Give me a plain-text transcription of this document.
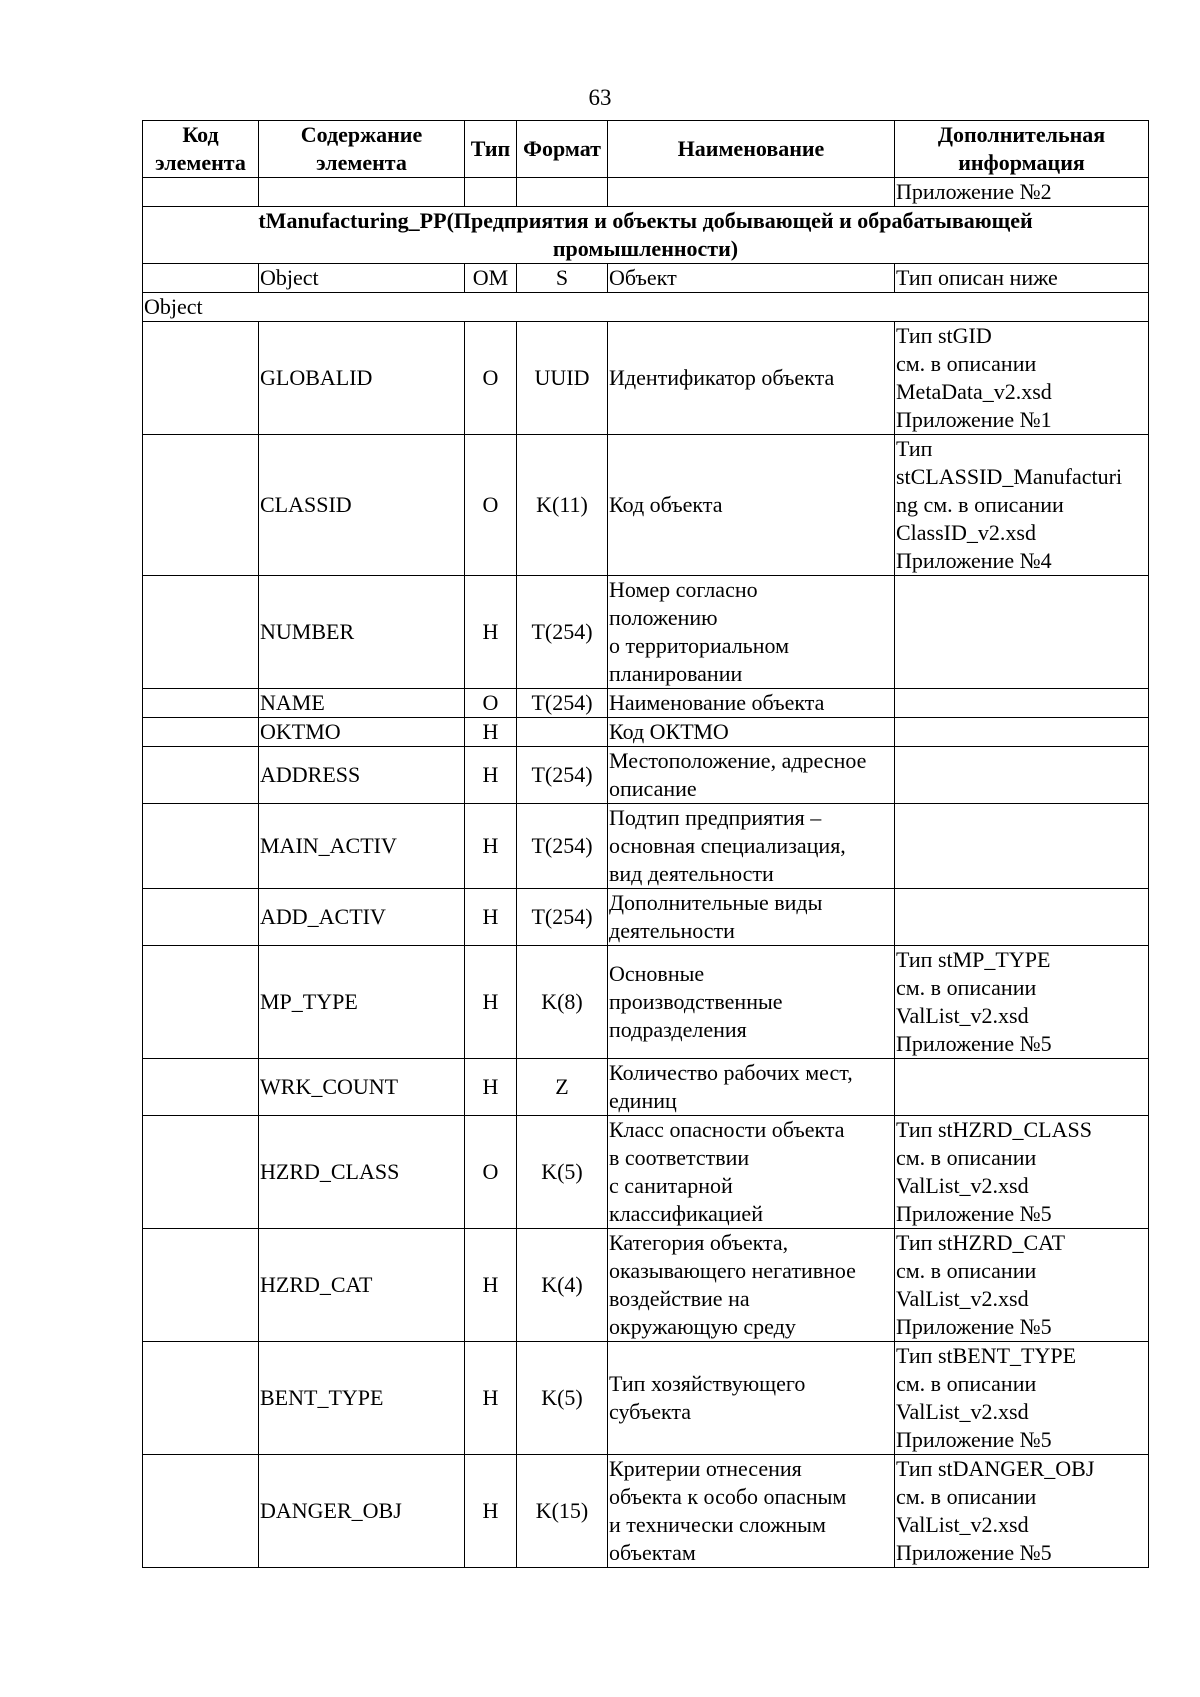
63
Код
элемента	Содержание
элемента	Тип	Формат	Наименование	Дополнительная
информация
					Приложение №2
tManufacturing_PP(Предприятия и объекты добывающей и обрабатывающей
промышленности)					
	Object	ОМ	S	Объект	Тип описан ниже
Object					
	GLOBALID	О	UUID	Идентификатор объекта	Тип stGID
см. в описании
MetaData_v2.xsd
Приложение №1
	CLASSID	О	K(11)	Код объекта	Тип
stCLASSID_Manufacturi
ng см. в описании
ClassID_v2.xsd
Приложение №4
	NUMBER	Н	T(254)	Номер согласно
положению
о территориальном
планировании	
	NAME	О	T(254)	Наименование объекта	
	OKTMO	Н		Код ОКТМО	
	ADDRESS	Н	T(254)	Местоположение, адресное
описание	
	MAIN_ACTIV	Н	T(254)	Подтип предприятия –
основная специализация,
вид деятельности	
	ADD_ACTIV	Н	T(254)	Дополнительные виды
деятельности	
	MP_TYPE	Н	K(8)	Основные
производственные
подразделения	Тип stMP_TYPE
см. в описании
ValList_v2.xsd
Приложение №5
	WRK_COUNT	Н	Z	Количество рабочих мест,
единиц	
	HZRD_CLASS	О	K(5)	Класс опасности объекта
в соответствии
с санитарной
классификацией	Тип stHZRD_CLASS
см. в описании
ValList_v2.xsd
Приложение №5
	HZRD_CAT	Н	K(4)	Категория объекта,
оказывающего негативное
воздействие на
окружающую среду	Тип stHZRD_CAT
см. в описании
ValList_v2.xsd
Приложение №5
	BENT_TYPE	Н	K(5)	Тип хозяйствующего
субъекта	Тип stBENT_TYPE
см. в описании
ValList_v2.xsd
Приложение №5
	DANGER_OBJ	Н	K(15)	Критерии отнесения
объекта к особо опасным
и технически сложным
объектам	Тип stDANGER_OBJ
см. в описании
ValList_v2.xsd
Приложение №5
